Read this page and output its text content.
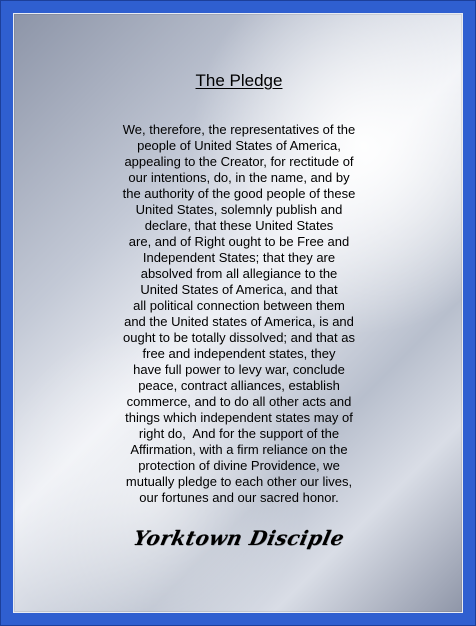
The Pledge
We, therefore, the representatives of the
people of United States of America,
appealing to the Creator, for rectitude of
our intentions, do, in the name, and by
the authority of the good people of these
United States, solemnly publish and
declare, that these United States
are, and of Right ought to be Free and
Independent States; that they are
absolved from all allegiance to the
United States of America, and that
all political connection between them
and the United states of America, is and
ought to be totally dissolved; and that as
free and independent states, they
have full power to levy war, conclude
peace, contract alliances, establish
commerce, and to do all other acts and
things which independent states may of
right do,  And for the support of the
Affirmation, with a firm reliance on the
protection of divine Providence, we
mutually pledge to each other our lives,
our fortunes and our sacred honor.
Yorktown Disciple
